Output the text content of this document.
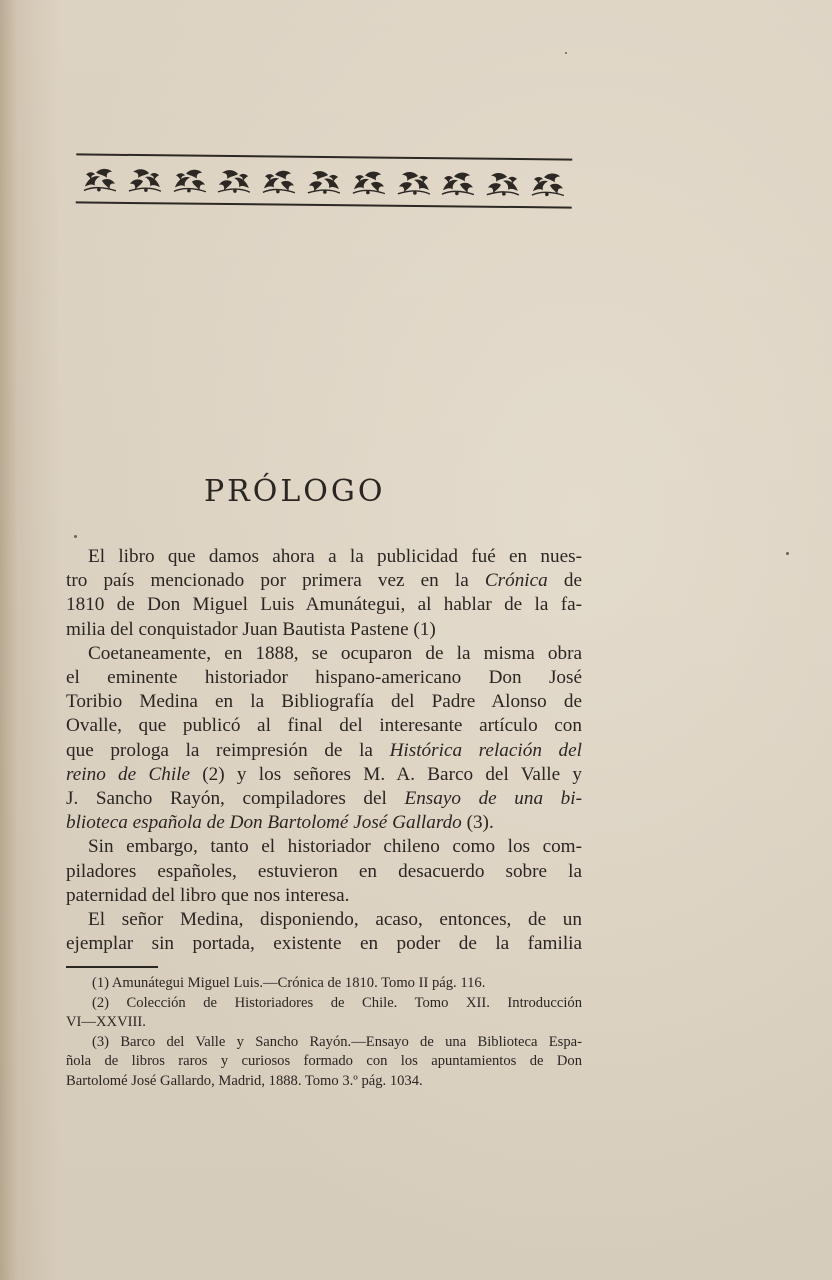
PRÓLOGO
El libro que damos ahora a la publicidad fué en nues-
tro país mencionado por primera vez en la Crónica de
1810 de Don Miguel Luis Amunátegui, al hablar de la fa-
milia del conquistador Juan Bautista Pastene (1)
Coetaneamente, en 1888, se ocuparon de la misma obra
el eminente historiador hispano-americano Don José
Toribio Medina en la Bibliografía del Padre Alonso de
Ovalle, que publicó al final del interesante artículo con
que prologa la reimpresión de la Histórica relación del
reino de Chile (2) y los señores M. A. Barco del Valle y
J. Sancho Rayón, compiladores del Ensayo de una bi-
blioteca española de Don Bartolomé José Gallardo (3).
Sin embargo, tanto el historiador chileno como los com-
piladores españoles, estuvieron en desacuerdo sobre la
paternidad del libro que nos interesa.
El señor Medina, disponiendo, acaso, entonces, de un
ejemplar sin portada, existente en poder de la familia
(1) Amunátegui Miguel Luis.—Crónica de 1810. Tomo II pág. 116.
(2) Colección de Historiadores de Chile. Tomo XII. Introducción
VI—XXVIII.
(3) Barco del Valle y Sancho Rayón.—Ensayo de una Biblioteca Espa-
ñola de libros raros y curiosos formado con los apuntamientos de Don
Bartolomé José Gallardo, Madrid, 1888. Tomo 3.º pág. 1034.
